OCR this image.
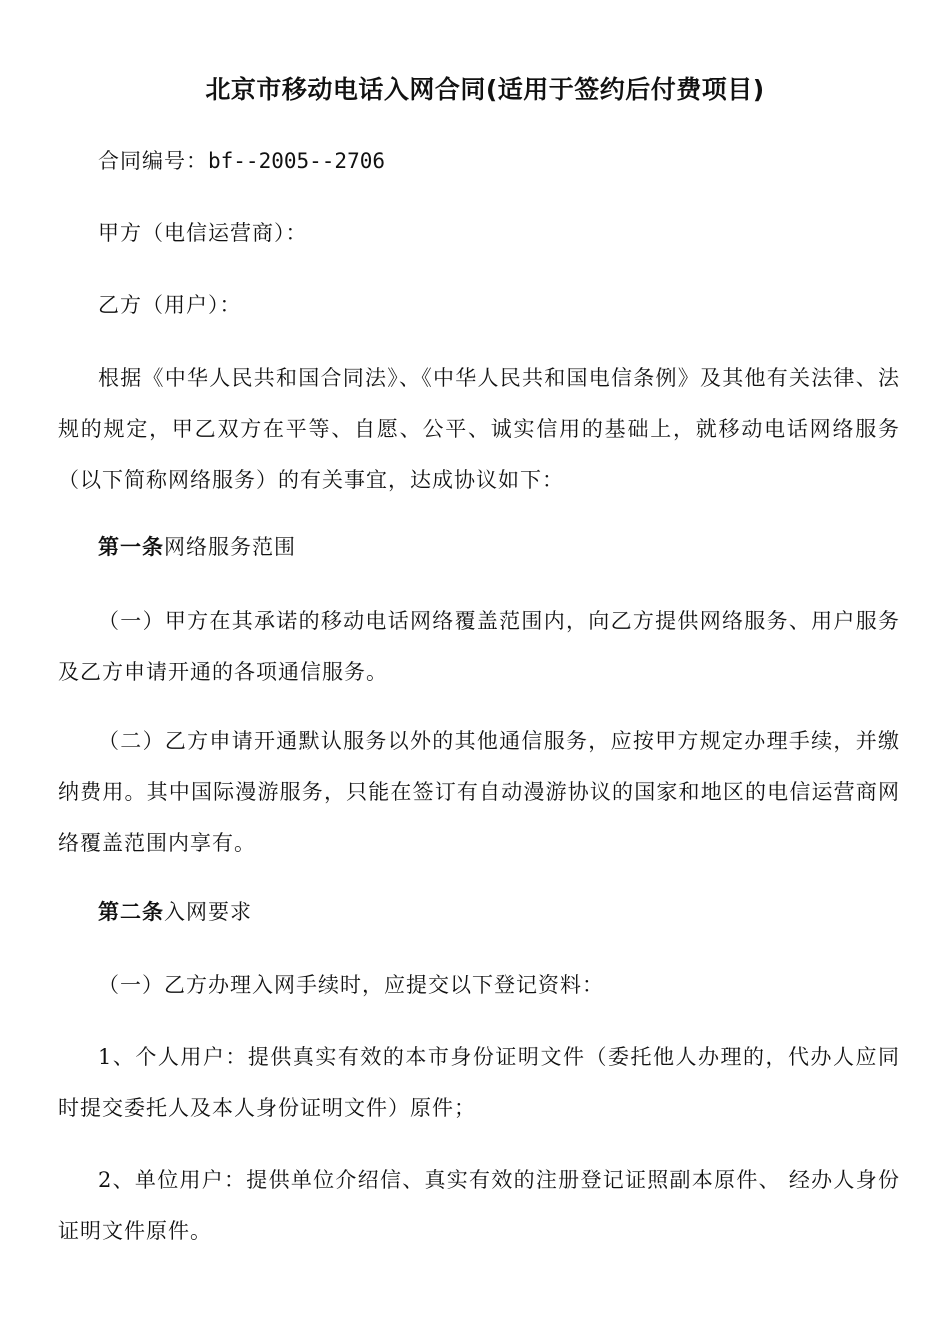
北京市移动电话入网合同(适用于签约后付费项目)

合同编号：bf--2005--2706

甲方（电信运营商）：

乙方（用户）：

根据《中华人民共和国合同法》、《中华人民共和国电信条例》及其他有关法律、法规的规定，甲乙双方在平等、自愿、公平、诚实信用的基础上，就移动电话网络服务（以下简称网络服务）的有关事宜，达成协议如下：

第一条网络服务范围

（一）甲方在其承诺的移动电话网络覆盖范围内，向乙方提供网络服务、用户服务及乙方申请开通的各项通信服务。

（二）乙方申请开通默认服务以外的其他通信服务，应按甲方规定办理手续，并缴纳费用。其中国际漫游服务，只能在签订有自动漫游协议的国家和地区的电信运营商网络覆盖范围内享有。

第二条入网要求

（一）乙方办理入网手续时，应提交以下登记资料：

1、个人用户：提供真实有效的本市身份证明文件（委托他人办理的，代办人应同时提交委托人及本人身份证明文件）原件；

2、单位用户：提供单位介绍信、真实有效的注册登记证照副本原件、 经办人身份证明文件原件。
